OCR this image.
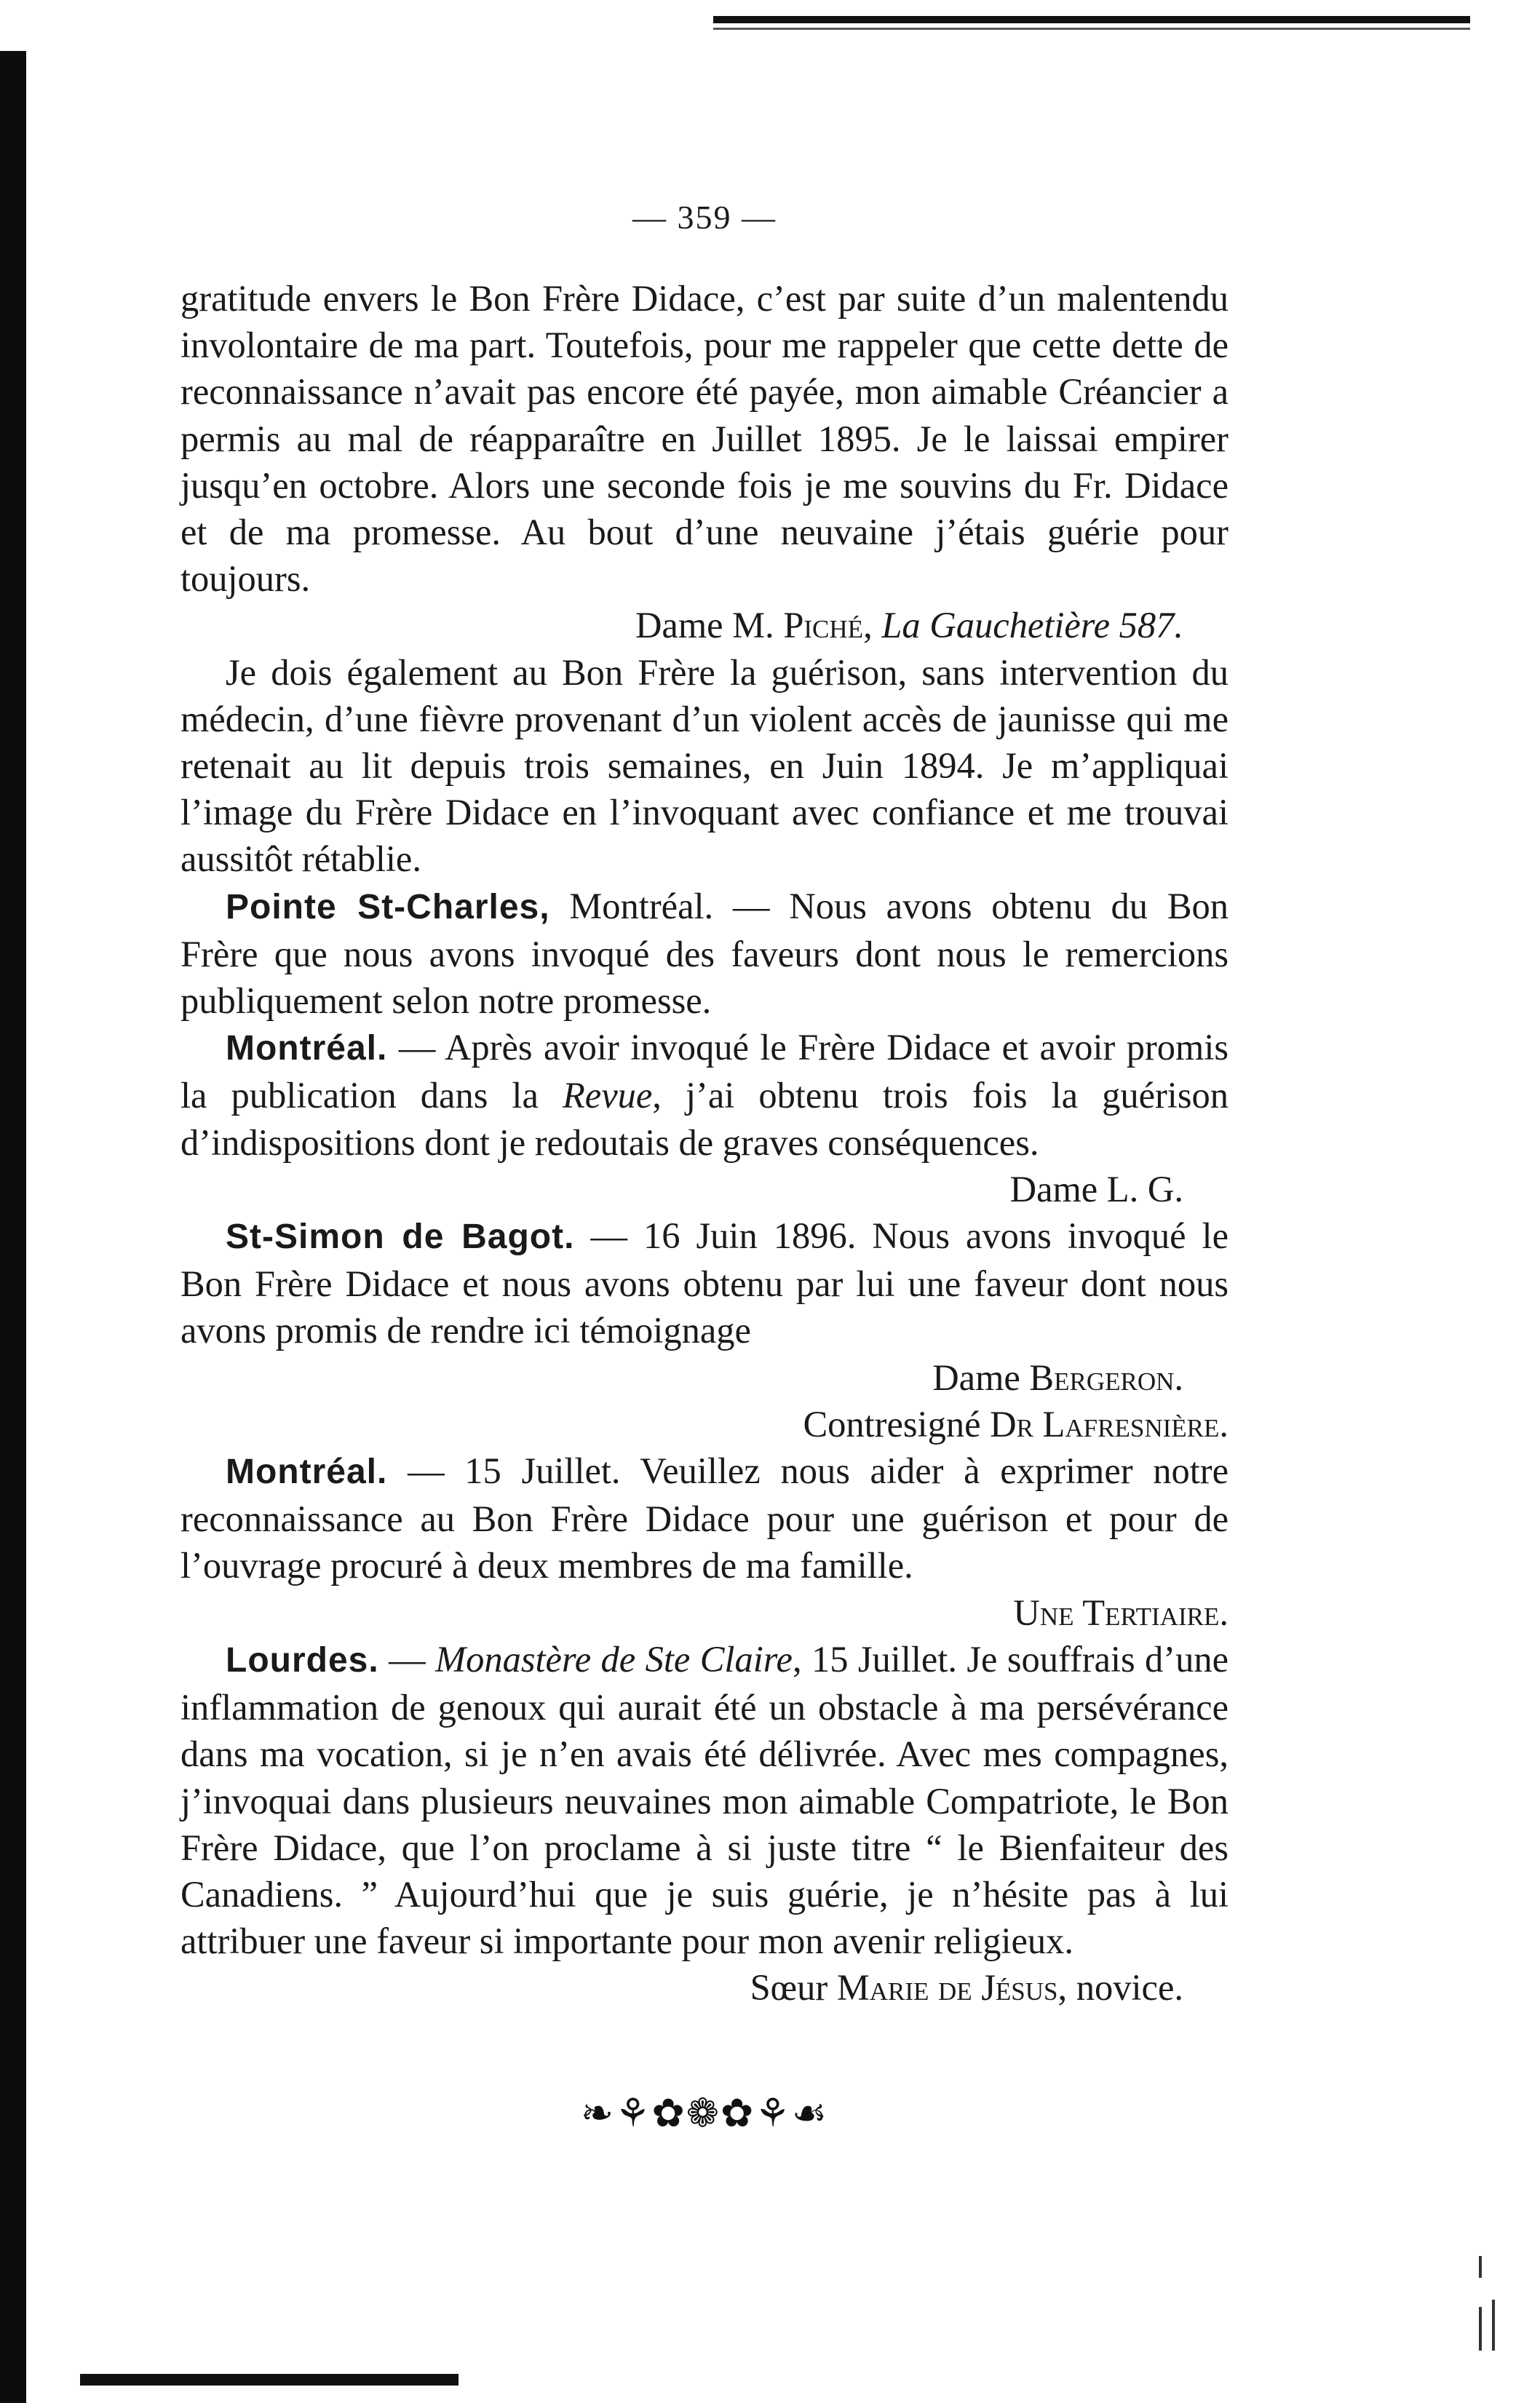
— 359 —

gratitude envers le Bon Frère Didace, c’est par suite d’un malentendu involontaire de ma part. Toutefois, pour me rappeler que cette dette de reconnaissance n’avait pas encore été payée, mon aimable Créancier a permis au mal de réapparaître en Juillet 1895. Je le laissai empirer jusqu’en octobre. Alors une seconde fois je me souvins du Fr. Didace et de ma promesse. Au bout d’une neuvaine j’étais guérie pour toujours.

Dame M. Piché, La Gauchetière 587.

Je dois également au Bon Frère la guérison, sans intervention du médecin, d’une fièvre provenant d’un violent accès de jaunisse qui me retenait au lit depuis trois semaines, en Juin 1894. Je m’appliquai l’image du Frère Didace en l’invoquant avec confiance et me trouvai aussitôt rétablie.

Pointe St-Charles, Montréal. — Nous avons obtenu du Bon Frère que nous avons invoqué des faveurs dont nous le remercions publiquement selon notre promesse.

Montréal. — Après avoir invoqué le Frère Didace et avoir promis la publication dans la Revue, j’ai obtenu trois fois la guérison d’indispositions dont je redoutais de graves conséquences.

Dame L. G.

St-Simon de Bagot. — 16 Juin 1896. Nous avons invoqué le Bon Frère Didace et nous avons obtenu par lui une faveur dont nous avons promis de rendre ici témoignage

Dame Bergeron.

Contresigné Dr Lafresnière.

Montréal. — 15 Juillet. Veuillez nous aider à exprimer notre reconnaissance au Bon Frère Didace pour une guérison et pour de l’ouvrage procuré à deux membres de ma famille.

Une Tertiaire.

Lourdes. — Monastère de Ste Claire, 15 Juillet. Je souffrais d’une inflammation de genoux qui aurait été un obstacle à ma persévérance dans ma vocation, si je n’en avais été délivrée. Avec mes compagnes, j’invoquai dans plusieurs neuvaines mon aimable Compatriote, le Bon Frère Didace, que l’on proclame à si juste titre “ le Bienfaiteur des Canadiens. ” Aujourd’hui que je suis guérie, je n’hésite pas à lui attribuer une faveur si importante pour mon avenir religieux.

Sœur Marie de Jésus, novice.

❧⚘✿❁✿⚘☙
